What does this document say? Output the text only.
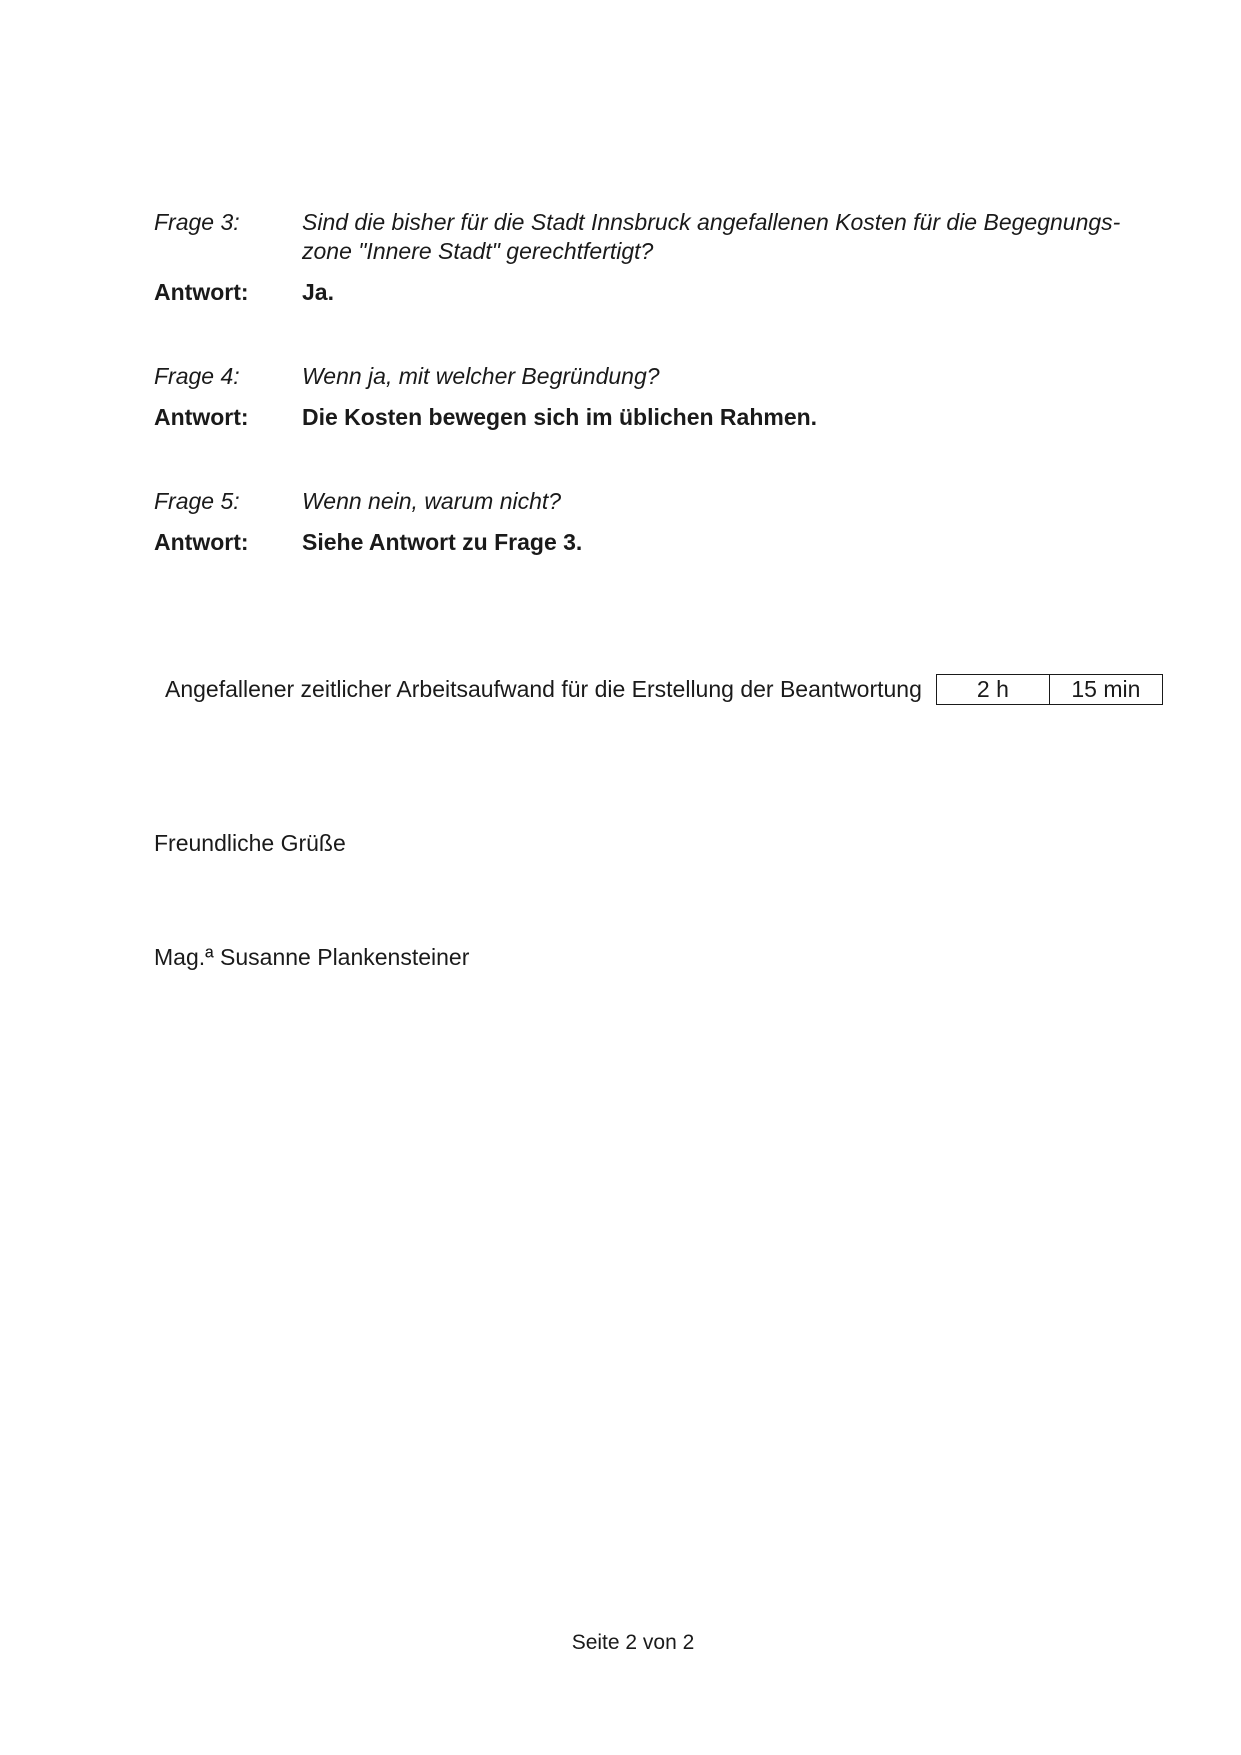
Frage 3:	Sind die bisher für die Stadt Innsbruck angefallenen Kosten für die Begegnungs-
zone "Innere Stadt" gerechtfertigt?
Antwort:	Ja.
Frage 4:	Wenn ja, mit welcher Begründung?
Antwort:	Die Kosten bewegen sich im üblichen Rahmen.
Frage 5:	Wenn nein, warum nicht?
Antwort:	Siehe Antwort zu Frage 3.
Angefallener zeitlicher Arbeitsaufwand für die Erstellung der Beantwortung	2 h	15 min
Freundliche Grüße
Mag.ª Susanne Plankensteiner
Seite 2 von 2
